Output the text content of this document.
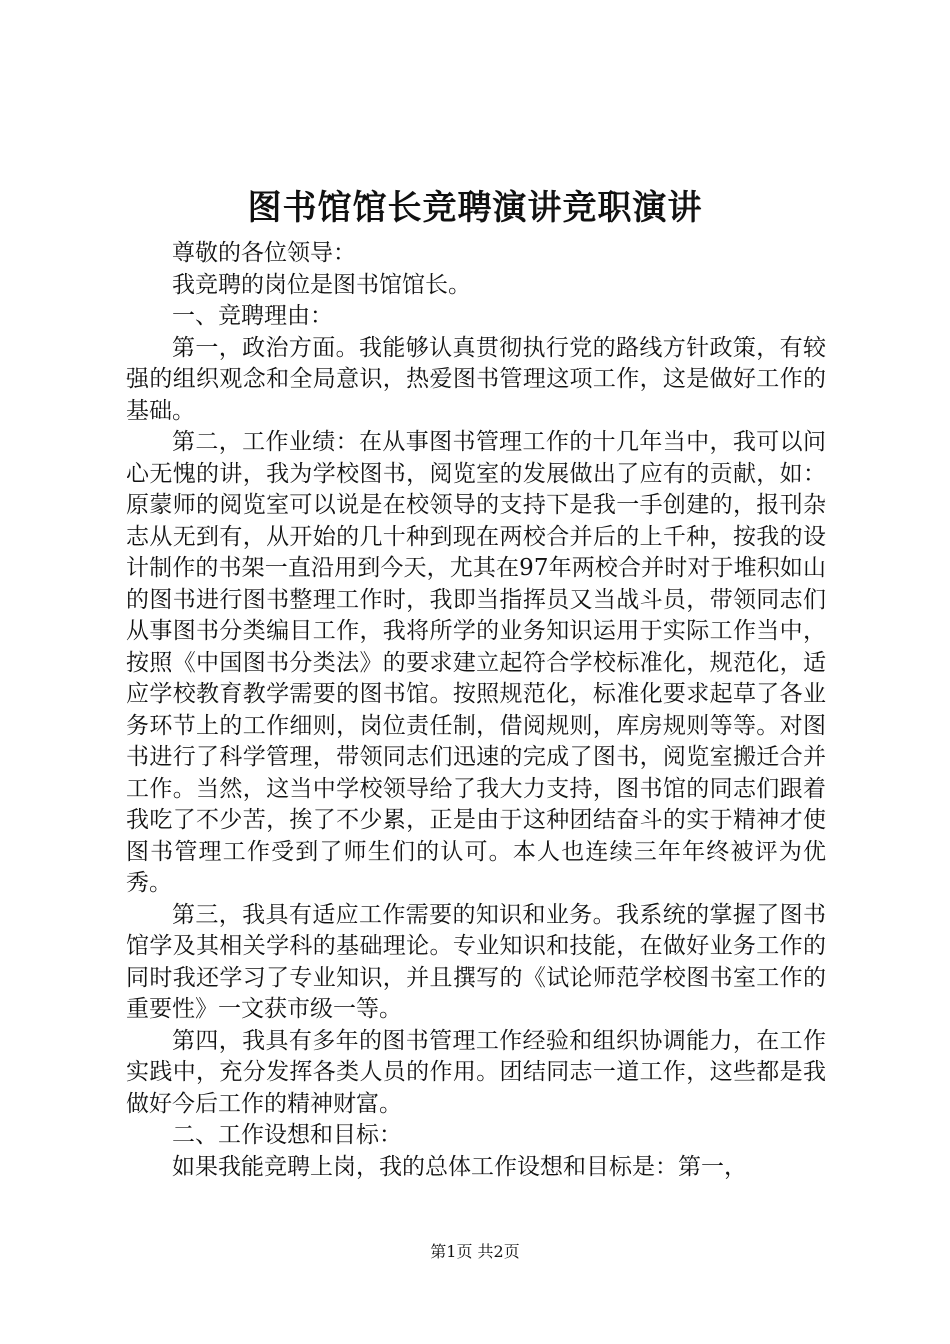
图书馆馆长竞聘演讲竞职演讲

尊敬的各位领导：

我竞聘的岗位是图书馆馆长。

一、竞聘理由：

第一，政治方面。我能够认真贯彻执行党的路线方针政策，有较强的组织观念和全局意识，热爱图书管理这项工作，这是做好工作的基础。

第二，工作业绩：在从事图书管理工作的十几年当中，我可以问心无愧的讲，我为学校图书，阅览室的发展做出了应有的贡献，如：原蒙师的阅览室可以说是在校领导的支持下是我一手创建的，报刊杂志从无到有，从开始的几十种到现在两校合并后的上千种，按我的设计制作的书架一直沿用到今天，尤其在97年两校合并时对于堆积如山的图书进行图书整理工作时，我即当指挥员又当战斗员，带领同志们从事图书分类编目工作，我将所学的业务知识运用于实际工作当中，按照《中国图书分类法》的要求建立起符合学校标准化，规范化，适应学校教育教学需要的图书馆。按照规范化，标准化要求起草了各业务环节上的工作细则，岗位责任制，借阅规则，库房规则等等。对图书进行了科学管理，带领同志们迅速的完成了图书，阅览室搬迁合并工作。当然，这当中学校领导给了我大力支持，图书馆的同志们跟着我吃了不少苦，挨了不少累，正是由于这种团结奋斗的实于精神才使图书管理工作受到了师生们的认可。本人也连续三年年终被评为优秀。

第三，我具有适应工作需要的知识和业务。我系统的掌握了图书馆学及其相关学科的基础理论。专业知识和技能，在做好业务工作的同时我还学习了专业知识，并且撰写的《试论师范学校图书室工作的重要性》一文获市级一等。

第四，我具有多年的图书管理工作经验和组织协调能力，在工作实践中，充分发挥各类人员的作用。团结同志一道工作，这些都是我做好今后工作的精神财富。

二、工作设想和目标：

如果我能竞聘上岗，我的总体工作设想和目标是：第一，

第1页 共2页
